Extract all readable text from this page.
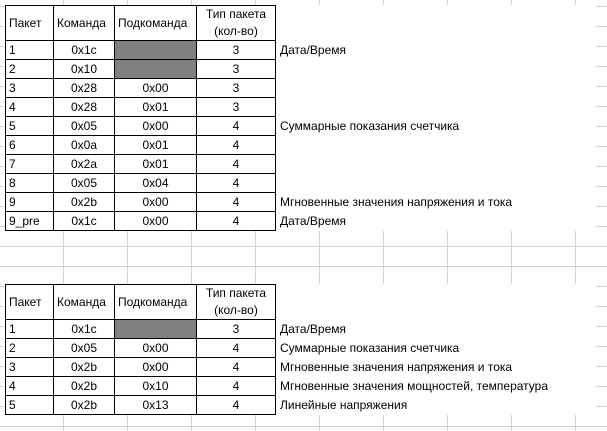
Пакет	Команда	Подкоманда	Тип пакета	
			(кол-во)	
1	0x1c		3	Дата/Время
2	0x10		3	
3	0x28	0x00	3	
4	0x28	0x01	3	
5	0x05	0x00	4	Суммарные показания счетчика
6	0x0a	0x01	4	
7	0x2a	0x01	4	
8	0x05	0x04	4	
9	0x2b	0x00	4	Мгновенные значения напряжения и тока
9_pre	0x1c	0x00	4	Дата/Время
Пакет	Команда	Подкоманда	Тип пакета	
			(кол-во)	
1	0x1c		3	Дата/Время
2	0x05	0x00	4	Суммарные показания счетчика
3	0x2b	0x00	4	Мгновенные значения напряжения и тока
4	0x2b	0x10	4	Мгновенные значения мощностей, температура
5	0x2b	0x13	4	Линейные напряжения
